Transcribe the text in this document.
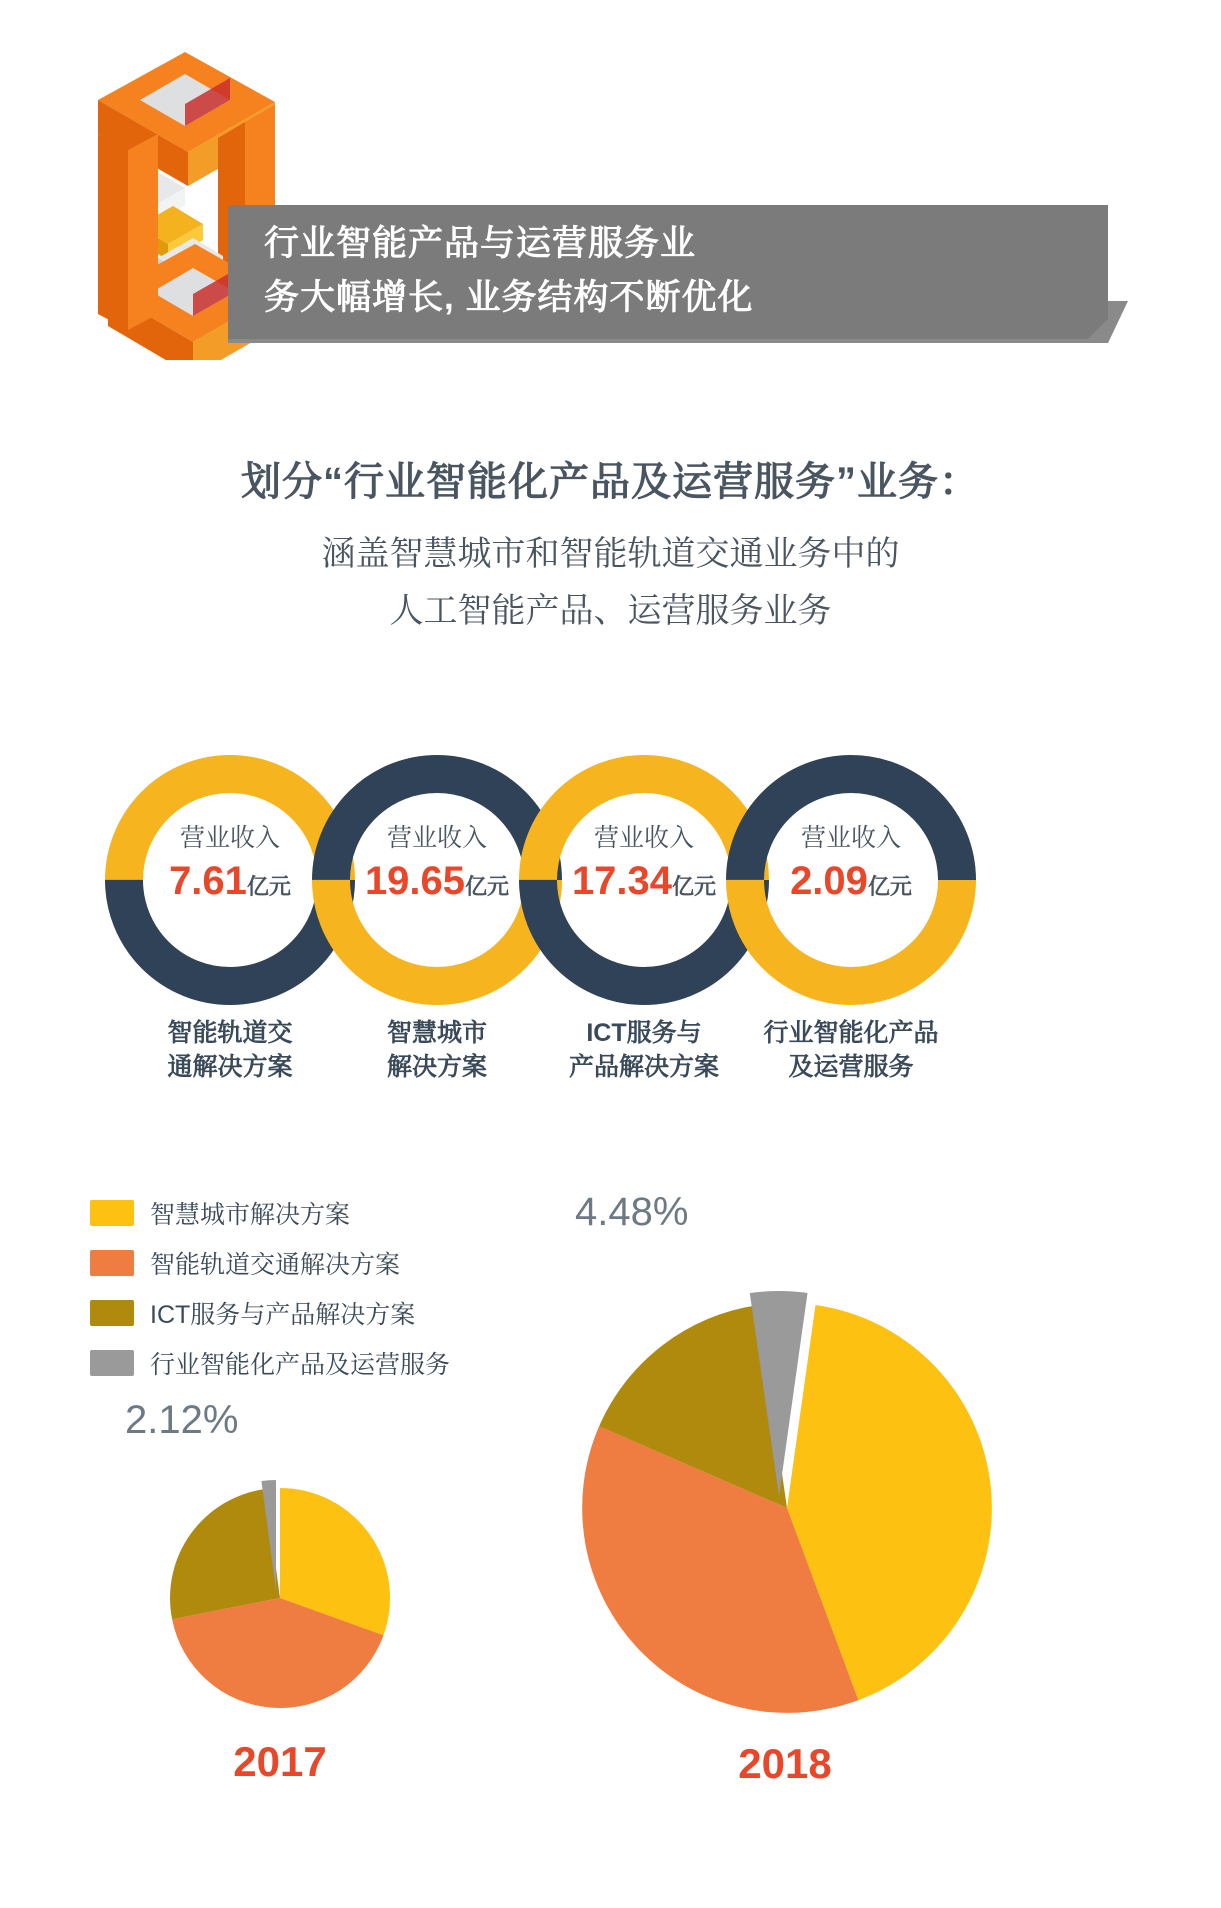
行业智能产品与运营服务业
务大幅增长, 业务结构不断优化
划分“行业智能化产品及运营服务”业务：
涵盖智慧城市和智能轨道交通业务中的
人工智能产品、运营服务业务
营业收入
7.61亿元
智能轨道交
通解决方案
营业收入
19.65亿元
智慧城市
解决方案
营业收入
17.34亿元
ICT服务与
产品解决方案
营业收入
2.09亿元
行业智能化产品
及运营服务
智慧城市解决方案
智能轨道交通解决方案
ICT服务与产品解决方案
行业智能化产品及运营服务
2.12%
2017
4.48%
2018
